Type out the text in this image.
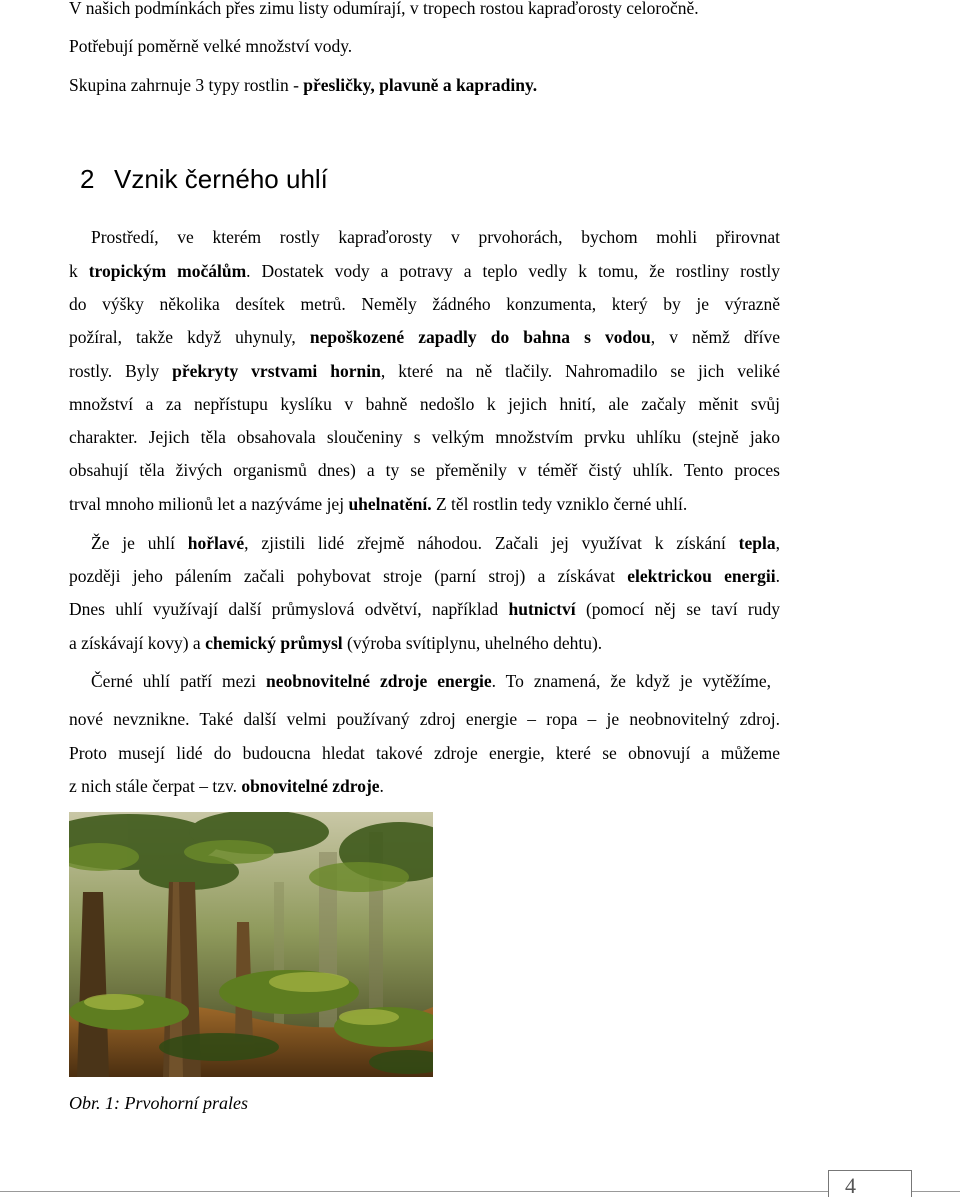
V našich podmínkách přes zimu listy odumírají, v tropech rostou kapraďorosty celoročně.
Potřebují poměrně velké množství vody.
Skupina zahrnuje 3 typy rostlin - přesličky, plavuně a kapradiny.
2 Vznik černého uhlí
Prostředí, ve kterém rostly kapraďorosty v prvohorách, bychom mohli přirovnat
k tropickým močálům. Dostatek vody a potravy a teplo vedly k tomu, že rostliny rostly
do výšky několika desítek metrů. Neměly žádného konzumenta, který by je výrazně
požíral, takže když uhynuly, nepoškozené zapadly do bahna s vodou, v němž dříve
rostly. Byly překryty vrstvami hornin, které na ně tlačily. Nahromadilo se jich veliké
množství a za nepřístupu kyslíku v bahně nedošlo k jejich hnití, ale začaly měnit svůj
charakter. Jejich těla obsahovala sloučeniny s velkým množstvím prvku uhlíku (stejně jako
obsahují těla živých organismů dnes) a ty se přeměnily v téměř čistý uhlík. Tento proces
trval mnoho milionů let a nazýváme jej uhelnatění. Z těl rostlin tedy vzniklo černé uhlí.
Že je uhlí hořlavé, zjistili lidé zřejmě náhodou. Začali jej využívat k získání tepla,
později jeho pálením začali pohybovat stroje (parní stroj) a získávat elektrickou energii.
Dnes uhlí využívají další průmyslová odvětví, například hutnictví (pomocí něj se taví rudy
a získávají kovy) a chemický průmysl (výroba svítiplynu, uhelného dehtu).
Černé uhlí patří mezi neobnovitelné zdroje energie. To znamená, že když je vytěžíme,
nové nevznikne. Také další velmi používaný zdroj energie – ropa – je neobnovitelný zdroj.
Proto musejí lidé do budoucna hledat takové zdroje energie, které se obnovují a můžeme
z nich stále čerpat – tzv. obnovitelné zdroje.
Obr. 1: Prvohorní prales
4
